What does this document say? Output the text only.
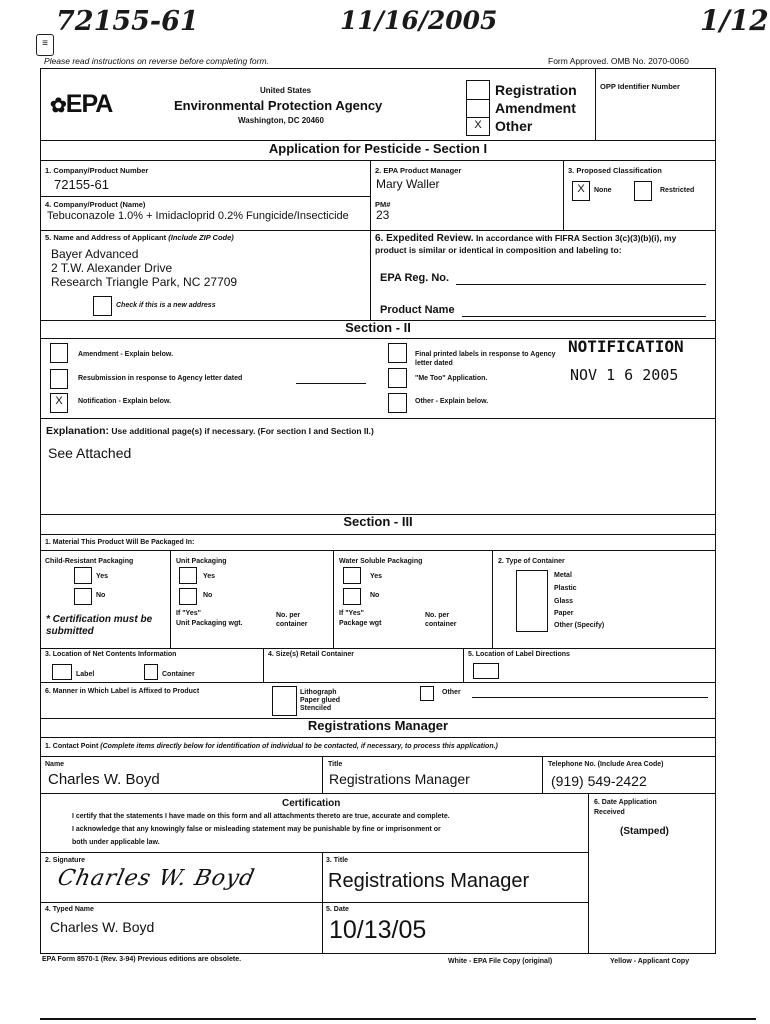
72155-61	11/16/2005	1/12
≡
Please read instructions on reverse before completing form.	Form Approved. OMB No. 2070-0060
✿EPA	United States
Environmental Protection Agency
Washington, DC 20460
Registration
Amendment
X Other
OPP Identifier Number
Application for Pesticide - Section I
1. Company/Product Number
72155-61
2. EPA Product Manager
Mary Waller
3. Proposed Classification
X	None	Restricted
4. Company/Product (Name)
Tebuconazole 1.0% + Imidacloprid 0.2% Fungicide/Insecticide
PM#
23
5. Name and Address of Applicant (Include ZIP Code)
Bayer Advanced
2 T.W. Alexander Drive
Research Triangle Park, NC 27709
Check if this is a new address
6. Expedited Review. In accordance with FIFRA Section 3(c)(3)(b)(i), my product is similar or identical in composition and labeling to:
EPA Reg. No.
Product Name
Section - II
Amendment - Explain below.
Resubmission in response to Agency letter dated
X	Notification - Explain below.
Final printed labels in response to Agency letter dated
"Me Too" Application.
Other - Explain below.
NOTIFICATION
NOV 1 6 2005
Explanation: Use additional page(s) if necessary. (For section I and Section II.)
See Attached
Section - III
1. Material This Product Will Be Packaged In:
Child-Resistant Packaging	Unit Packaging	Water Soluble Packaging	2. Type of Container
Yes
No
* Certification must be submitted
Yes
No
If "Yes"
Unit Packaging wgt.
No. per container
Yes
No
If "Yes"
Package wgt
No. per container
Metal
Plastic
Glass
Paper
Other (Specify)
3. Location of Net Contents Information
Label	Container
4. Size(s) Retail Container	5. Location of Label Directions
6. Manner in Which Label is Affixed to Product	Lithograph
Paper glued
Stenciled
Other
Registrations Manager
1. Contact Point (Complete items directly below for identification of individual to be contacted, if necessary, to process this application.)
Name
Charles W. Boyd
Title
Registrations Manager
Telephone No. (Include Area Code)
(919) 549-2422
Certification
I certify that the statements I have made on this form and all attachments thereto are true, accurate and complete.
I acknowledge that any knowingly false or misleading statement may be punishable by fine or imprisonment or
both under applicable law.
6. Date Application Received
(Stamped)
2. Signature
Charles W. Boyd
3. Title
Registrations Manager
4. Typed Name
Charles W. Boyd
5. Date
10/13/05
EPA Form 8570-1 (Rev. 3-94) Previous editions are obsolete.	White - EPA File Copy (original)	Yellow - Applicant Copy
